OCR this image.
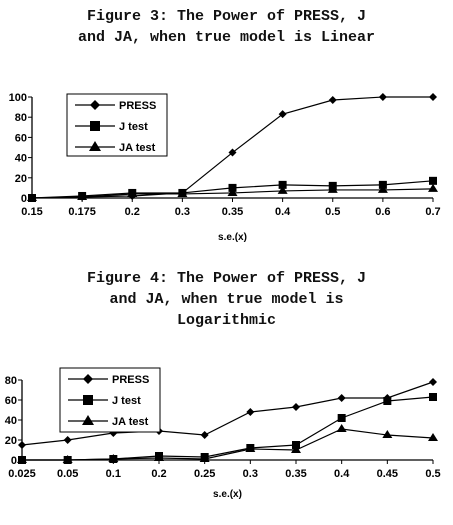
Figure 3: The Power of PRESS, J
and JA, when true model is Linear
0
20
40
60
80
100
0.15 0.175	0.2	0.3	0.35	0.4	0.5	0.6	0.7
s.e.(x)
PRESS
J test
JA test
Figure 4: The Power of PRESS, J
and JA, when true model is
Logarithmic
0
20
40
60
80
0.025 0.05 0.1	0.2 0.25 0.3 0.35 0.4 0.45 0.5
s.e.(x)
PRESS
J test
JA test
